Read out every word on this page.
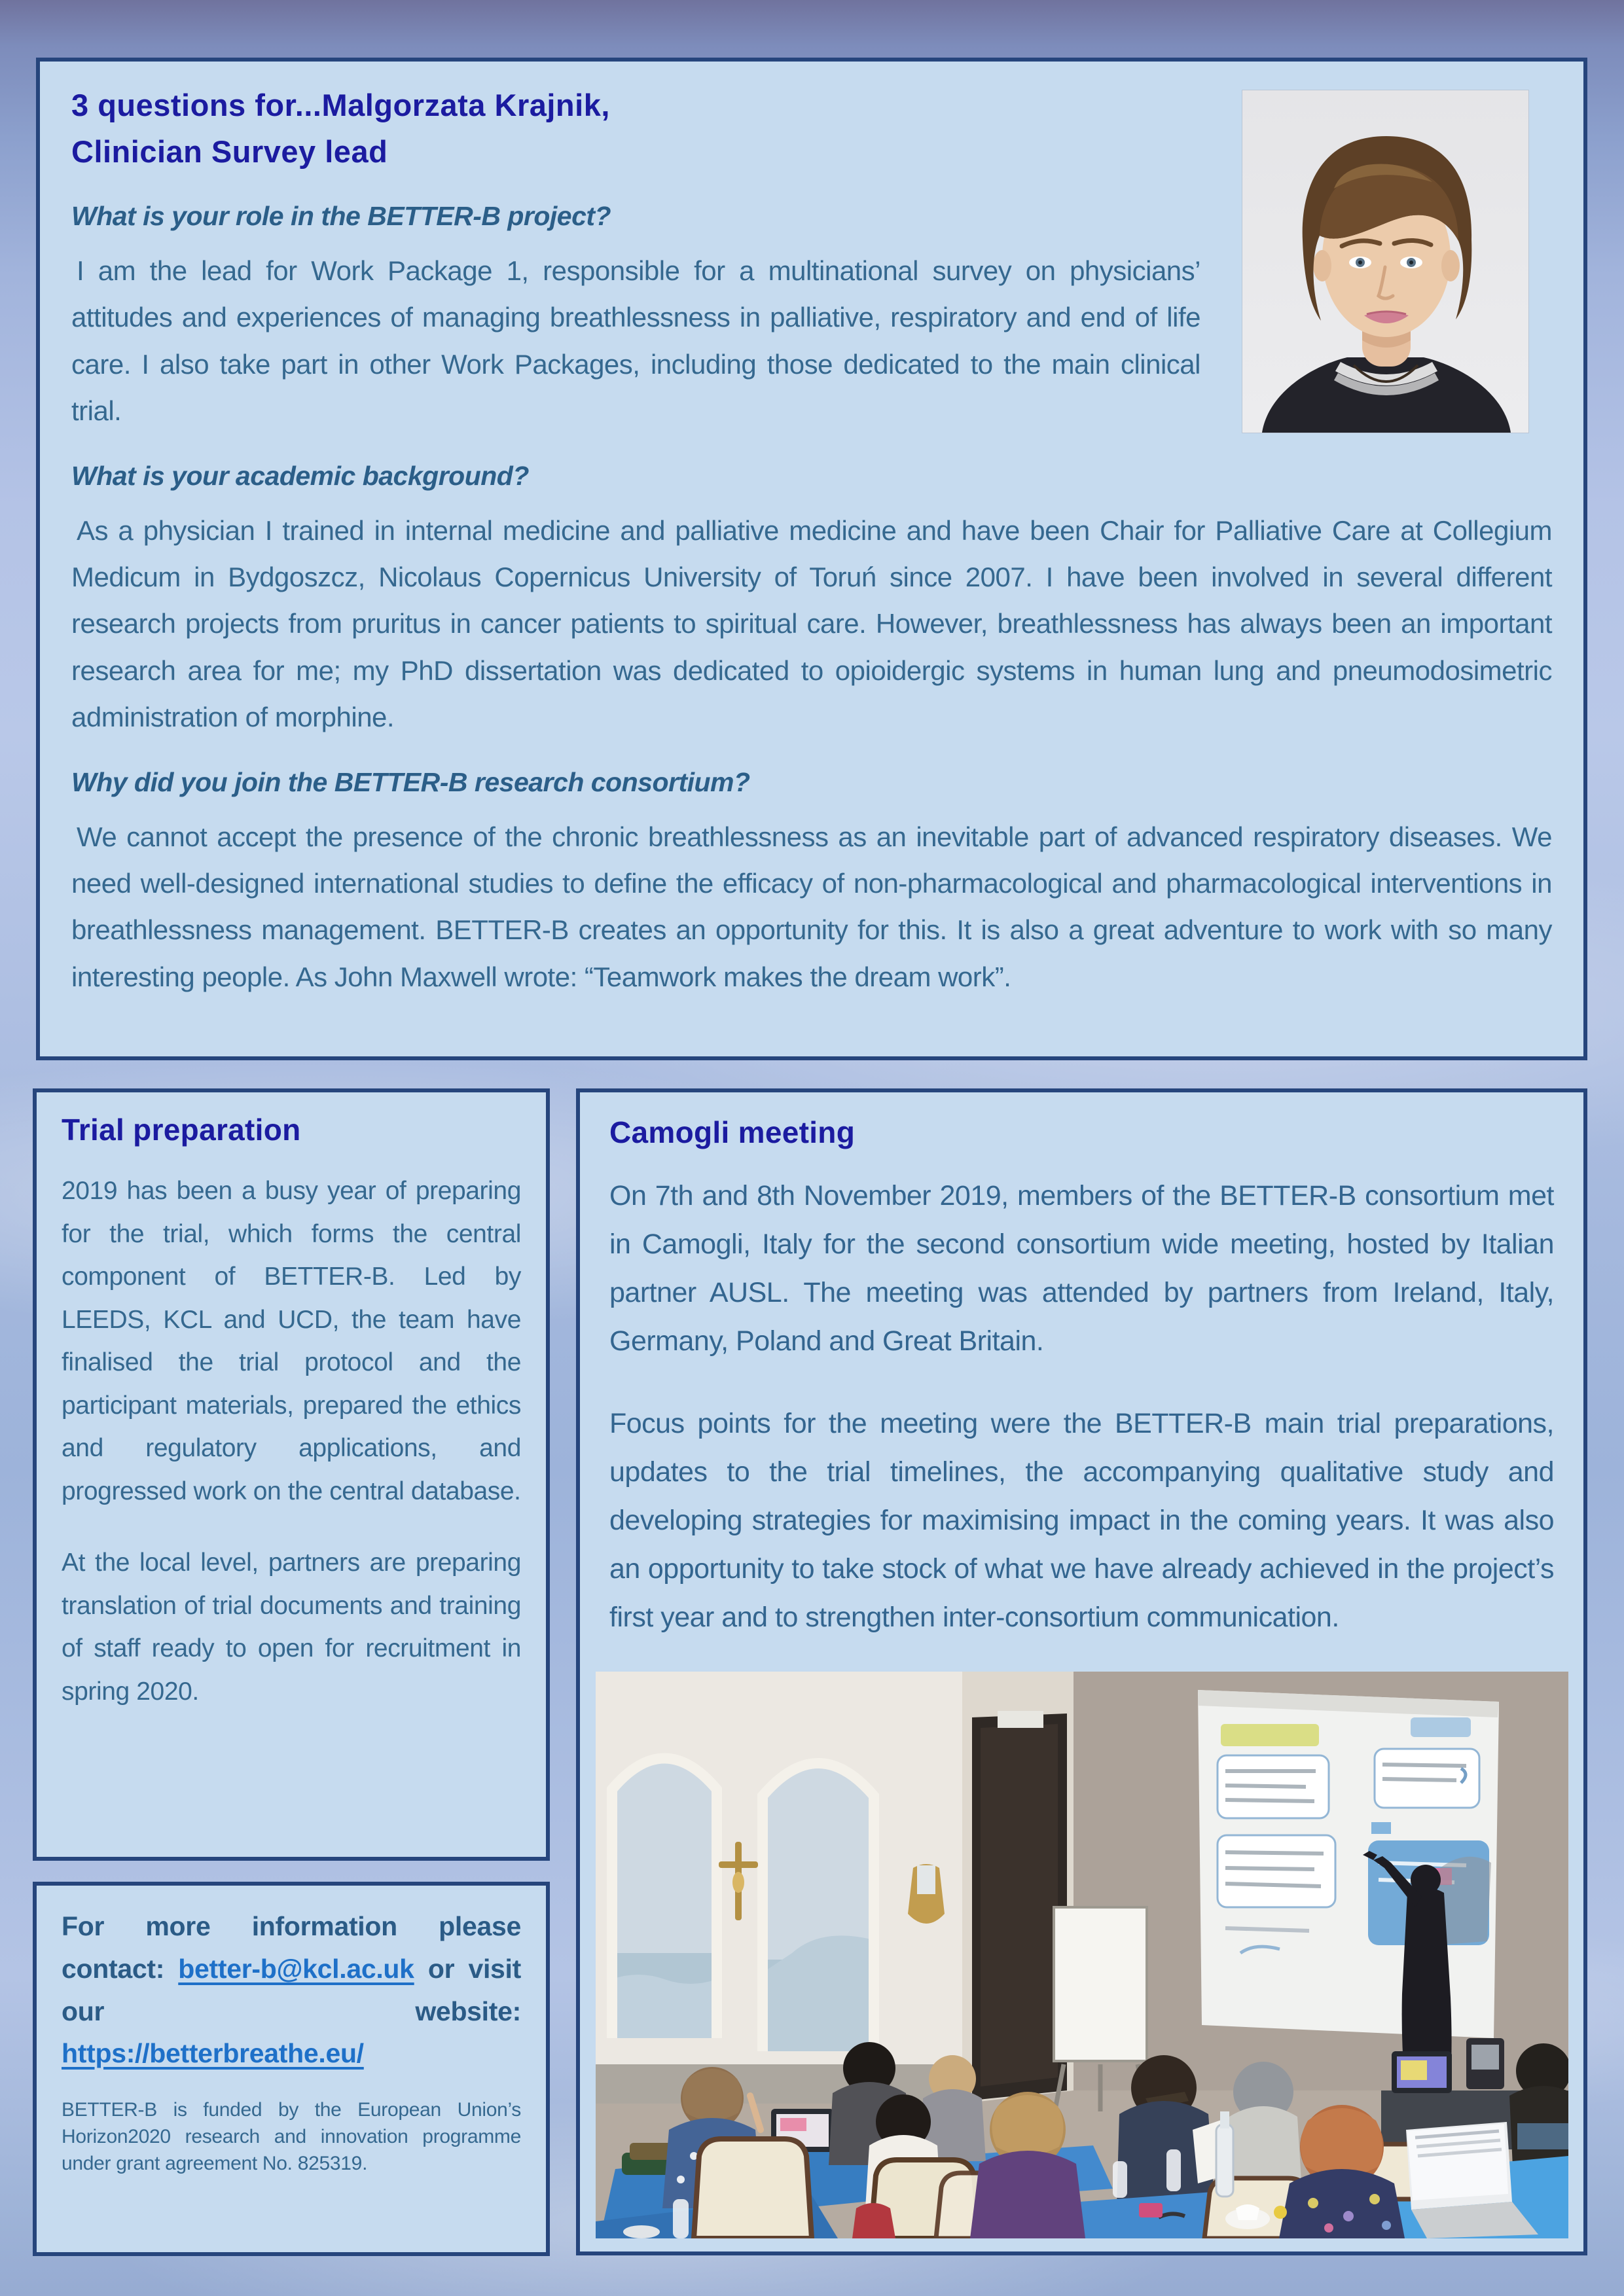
3 questions for...Malgorzata Krajnik,
Clinician Survey lead
What is your role in the BETTER-B project?

I am the lead for Work Package 1, responsible for a multinational survey on physicians’ attitudes and experiences of managing breathlessness in palliative, respiratory and end of life care. I also take part in other Work Packages, including those dedicated to the main clinical trial.

What is your academic background?

As a physician I trained in internal medicine and palliative medicine and have been Chair for Palliative Care at Collegium Medicum in Bydgoszcz, Nicolaus Copernicus University of Toruń since 2007. I have been involved in several different research projects from pruritus in cancer patients to spiritual care. However, breathlessness has always been an important research area for me; my PhD dissertation was dedicated to opioidergic systems in human lung and pneumodosimetric administration of morphine.

Why did you join the BETTER-B research consortium?

We cannot accept the presence of the chronic breathlessness as an inevitable part of advanced respiratory diseases. We need well-designed international studies to define the efficacy of non-pharmacological and pharmacological interventions in breathlessness management. BETTER-B creates an opportunity for this. It is also a great adventure to work with so many interesting people. As John Maxwell wrote: “Teamwork makes the dream work”.

Trial preparation

2019 has been a busy year of preparing for the trial, which forms the central component of BETTER-B. Led by LEEDS, KCL and UCD, the team have finalised the trial protocol and the participant materials, prepared the ethics and regulatory applications, and progressed work on the central database.

At the local level, partners are preparing translation of trial documents and training of staff ready to open for recruitment in spring 2020.

For more information please contact: better-b@kcl.ac.uk or visit our website: https://betterbreathe.eu/

BETTER-B is funded by the European Union’s Horizon2020 research and innovation programme under grant agreement No. 825319.

Camogli meeting

On 7th and 8th November 2019, members of the BETTER-B consortium met in Camogli, Italy for the second consortium wide meeting, hosted by Italian partner AUSL. The meeting was attended by partners from Ireland, Italy, Germany, Poland and Great Britain.

Focus points for the meeting were the BETTER-B main trial preparations, updates to the trial timelines, the accompanying qualitative study and developing strategies for maximising impact in the coming years. It was also an opportunity to take stock of what we have already achieved in the project’s first year and to strengthen inter-consortium communication.
